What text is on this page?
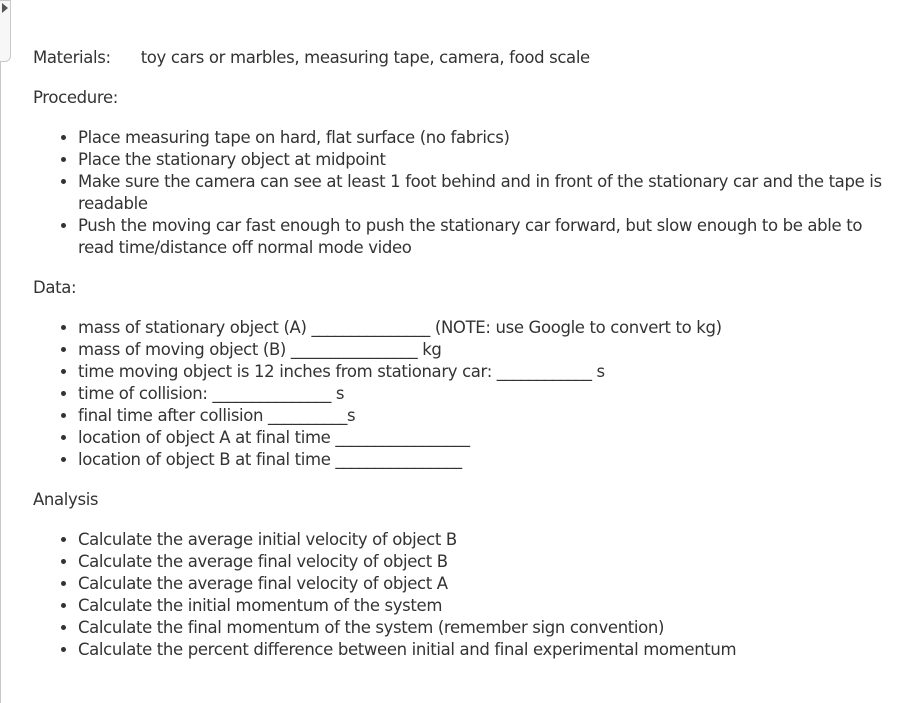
Materials: toy cars or marbles, measuring tape, camera, food scale

Procedure:

• Place measuring tape on hard, flat surface (no fabrics)
• Place the stationary object at midpoint
• Make sure the camera can see at least 1 foot behind and in front of the stationary car and the tape is readable
• Push the moving car fast enough to push the stationary car forward, but slow enough to be able to read time/distance off normal mode video

Data:

• mass of stationary object (A) _______________ (NOTE: use Google to convert to kg)
• mass of moving object (B) ________________ kg
• time moving object is 12 inches from stationary car: ____________ s
• time of collision: _______________ s
• final time after collision __________s
• location of object A at final time _________________
• location of object B at final time ________________

Analysis

• Calculate the average initial velocity of object B
• Calculate the average final velocity of object B
• Calculate the average final velocity of object A
• Calculate the initial momentum of the system
• Calculate the final momentum of the system (remember sign convention)
• Calculate the percent difference between initial and final experimental momentum
